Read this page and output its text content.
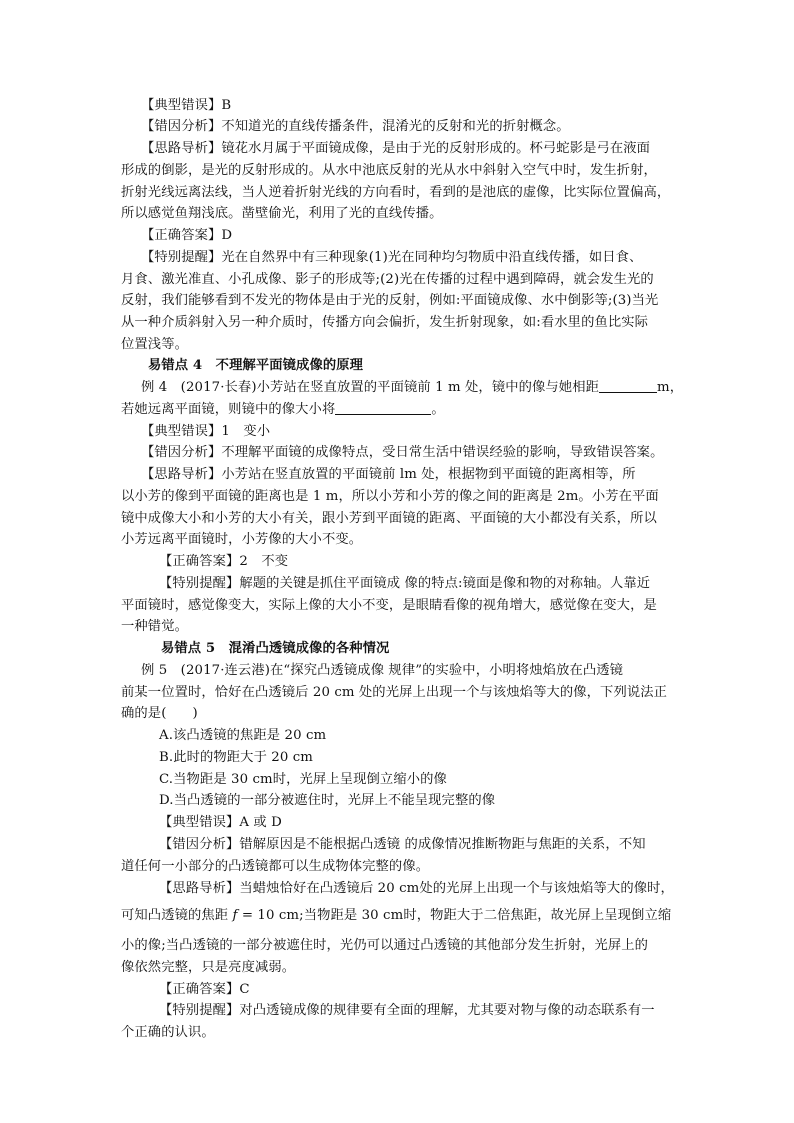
【典型错误】B
【错因分析】不知道光的直线传播条件，混淆光的反射和光的折射概念。
【思路导析】镜花水月属于平面镜成像，是由于光的反射形成的。杯弓蛇影是弓在液面
形成的倒影，是光的反射形成的。从水中池底反射的光从水中斜射入空气中时，发生折射，
折射光线远离法线，当人逆着折射光线的方向看时，看到的是池底的虚像，比实际位置偏高，
所以感觉鱼翔浅底。凿壁偷光，利用了光的直线传播。
【正确答案】D
【特别提醒】光在自然界中有三种现象(1)光在同种均匀物质中沿直线传播，如日食、
月食、激光准直、小孔成像、影子的形成等;(2)光在传播的过程中遇到障碍，就会发生光的
反射，我们能够看到不发光的物体是由于光的反射，例如:平面镜成像、水中倒影等;(3)当光
从一种介质斜射入另一种介质时，传播方向会偏折，发生折射现象，如:看水里的鱼比实际
位置浅等。
易错点 4　不理解平面镜成像的原理
例 4　(2017·长春)小芳站在竖直放置的平面镜前 1 m 处，镜中的像与她相距	m，
若她远离平面镜，则镜中的像大小将	。
【典型错误】1　变小
【错因分析】不理解平面镜的成像特点，受日常生活中错误经验的影响，导致错误答案。
【思路导析】小芳站在竖直放置的平面镜前 lm 处，根据物到平面镜的距离相等，所
以小芳的像到平面镜的距离也是 1 m，所以小芳和小芳的像之间的距离是 2m。小芳在平面
镜中成像大小和小芳的大小有关，跟小芳到平面镜的距离、平面镜的大小都没有关系，所以
小芳远离平面镜时，小芳像的大小不变。
【正确答案】2　不变
【特别提醒】解题的关键是抓住平面镜成 像的特点:镜面是像和物的对称轴。人靠近
平面镜时，感觉像变大，实际上像的大小不变，是眼睛看像的视角增大，感觉像在变大，是
一种错觉。
易错点 5　混淆凸透镜成像的各种情况
例 5　(2017·连云港)在“探究凸透镜成像 规律”的实验中，小明将烛焰放在凸透镜
前某一位置时，恰好在凸透镜后 20 cm 处的光屏上出现一个与该烛焰等大的像，下列说法正
确的是( )
A.该凸透镜的焦距是 20 cm
B.此时的物距大于 20 cm
C.当物距是 30 cm时，光屏上呈现倒立缩小的像
D.当凸透镜的一部分被遮住时，光屏上不能呈现完整的像
【典型错误】A 或 D
【错因分析】错解原因是不能根据凸透镜 的成像情况推断物距与焦距的关系，不知
道任何一小部分的凸透镜都可以生成物体完整的像。
【思路导析】当蜡烛恰好在凸透镜后 20 cm处的光屏上出现一个与该烛焰等大的像时，
可知凸透镜的焦距 𝑓 = 10 cm;当物距是 30 cm时，物距大于二倍焦距，故光屏上呈现倒立缩
小的像;当凸透镜的一部分被遮住时，光仍可以通过凸透镜的其他部分发生折射，光屏上的
像依然完整，只是亮度减弱。
【正确答案】C
【特别提醒】对凸透镜成像的规律要有全面的理解，尤其要对物与像的动态联系有一
个正确的认识。
